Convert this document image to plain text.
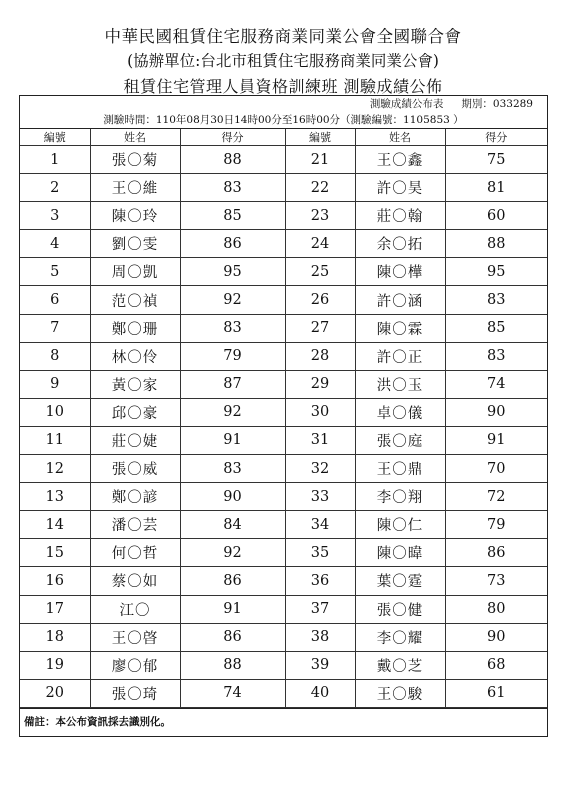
中華民國租賃住宅服務商業同業公會全國聯合會
(協辦單位:台北市租賃住宅服務商業同業公會)
租賃住宅管理人員資格訓練班 測驗成績公佈
測驗成績公布表 期別：033289
測驗時間：110年08月30日14時00分至16時00分（測驗編號：1105853 ）
編號	姓名	得分	編號	姓名	得分
1	張〇菊	88	21	王〇鑫	75
2	王〇維	83	22	許〇昊	81
3	陳〇玲	85	23	莊〇翰	60
4	劉〇雯	86	24	余〇拓	88
5	周〇凱	95	25	陳〇樺	95
6	范〇禎	92	26	許〇涵	83
7	鄭〇珊	83	27	陳〇霖	85
8	林〇伶	79	28	許〇正	83
9	黃〇家	87	29	洪〇玉	74
10	邱〇豪	92	30	卓〇儀	90
11	莊〇婕	91	31	張〇庭	91
12	張〇威	83	32	王〇鼎	70
13	鄭〇諺	90	33	李〇翔	72
14	潘〇芸	84	34	陳〇仁	79
15	何〇哲	92	35	陳〇暐	86
16	蔡〇如	86	36	葉〇霆	73
17	江〇	91	37	張〇健	80
18	王〇晵	86	38	李〇耀	90
19	廖〇郁	88	39	戴〇芝	68
20	張〇琦	74	40	王〇駿	61
備註：本公布資訊採去識別化。
